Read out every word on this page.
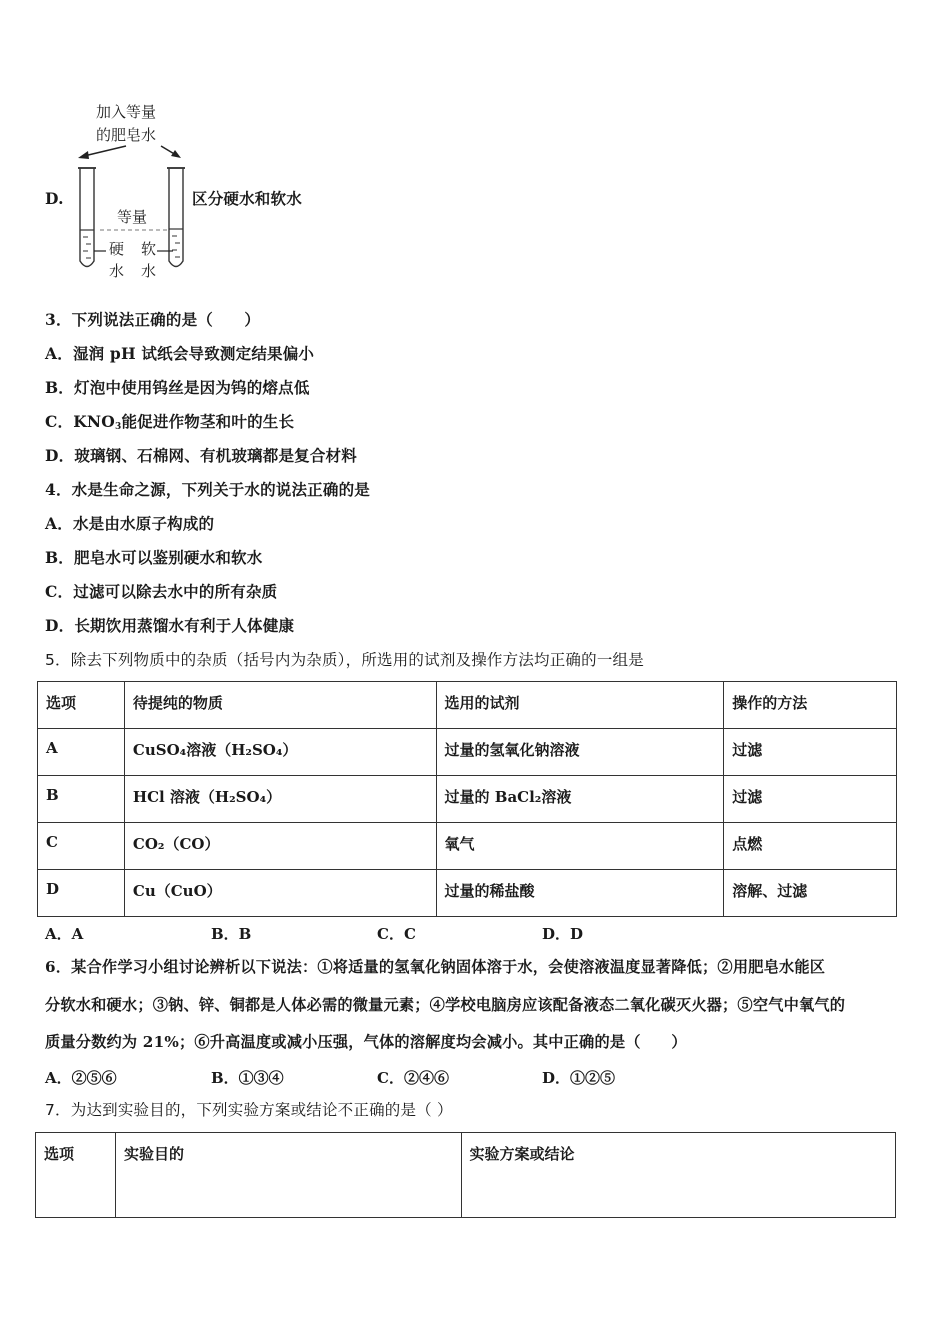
加入等量
的肥皂水
等量
硬
水
软
水
D.	区分硬水和软水
3．下列说法正确的是（　　）
A．湿润 pH 试纸会导致测定结果偏小
B．灯泡中使用钨丝是因为钨的熔点低
C．$KNO_3$能促进作物茎和叶的生长
D．玻璃钢、石棉网、有机玻璃都是复合材料
4．水是生命之源，下列关于水的说法正确的是
A．水是由水原子构成的
B．肥皂水可以鉴别硬水和软水
C．过滤可以除去水中的所有杂质
D．长期饮用蒸馏水有利于人体健康
5．除去下列物质中的杂质（括号内为杂质），所选用的试剂及操作方法均正确的一组是
选项	待提纯的物质	选用的试剂	操作的方法
A	CuSO₄溶液（H₂SO₄）	过量的氢氧化钠溶液	过滤
B	HCl 溶液（H₂SO₄）	过量的 BaCl₂溶液	过滤
C	CO₂（CO）	氧气	点燃
D	Cu（CuO）	过量的稀盐酸	溶解、过滤
A．A	B．B	C．C	D．D
6．某合作学习小组讨论辨析以下说法：①将适量的氢氧化钠固体溶于水，会使溶液温度显著降低；②用肥皂水能区
分软水和硬水；③钠、锌、铜都是人体必需的微量元素；④学校电脑房应该配备液态二氧化碳灭火器；⑤空气中氧气的
质量分数约为 21%；⑥升高温度或减小压强，气体的溶解度均会减小。其中正确的是（　　）
A．②⑤⑥	B．①③④	C．②④⑥	D．①②⑤
7．为达到实验目的，下列实验方案或结论不正确的是（ ）
选项	实验目的	实验方案或结论
